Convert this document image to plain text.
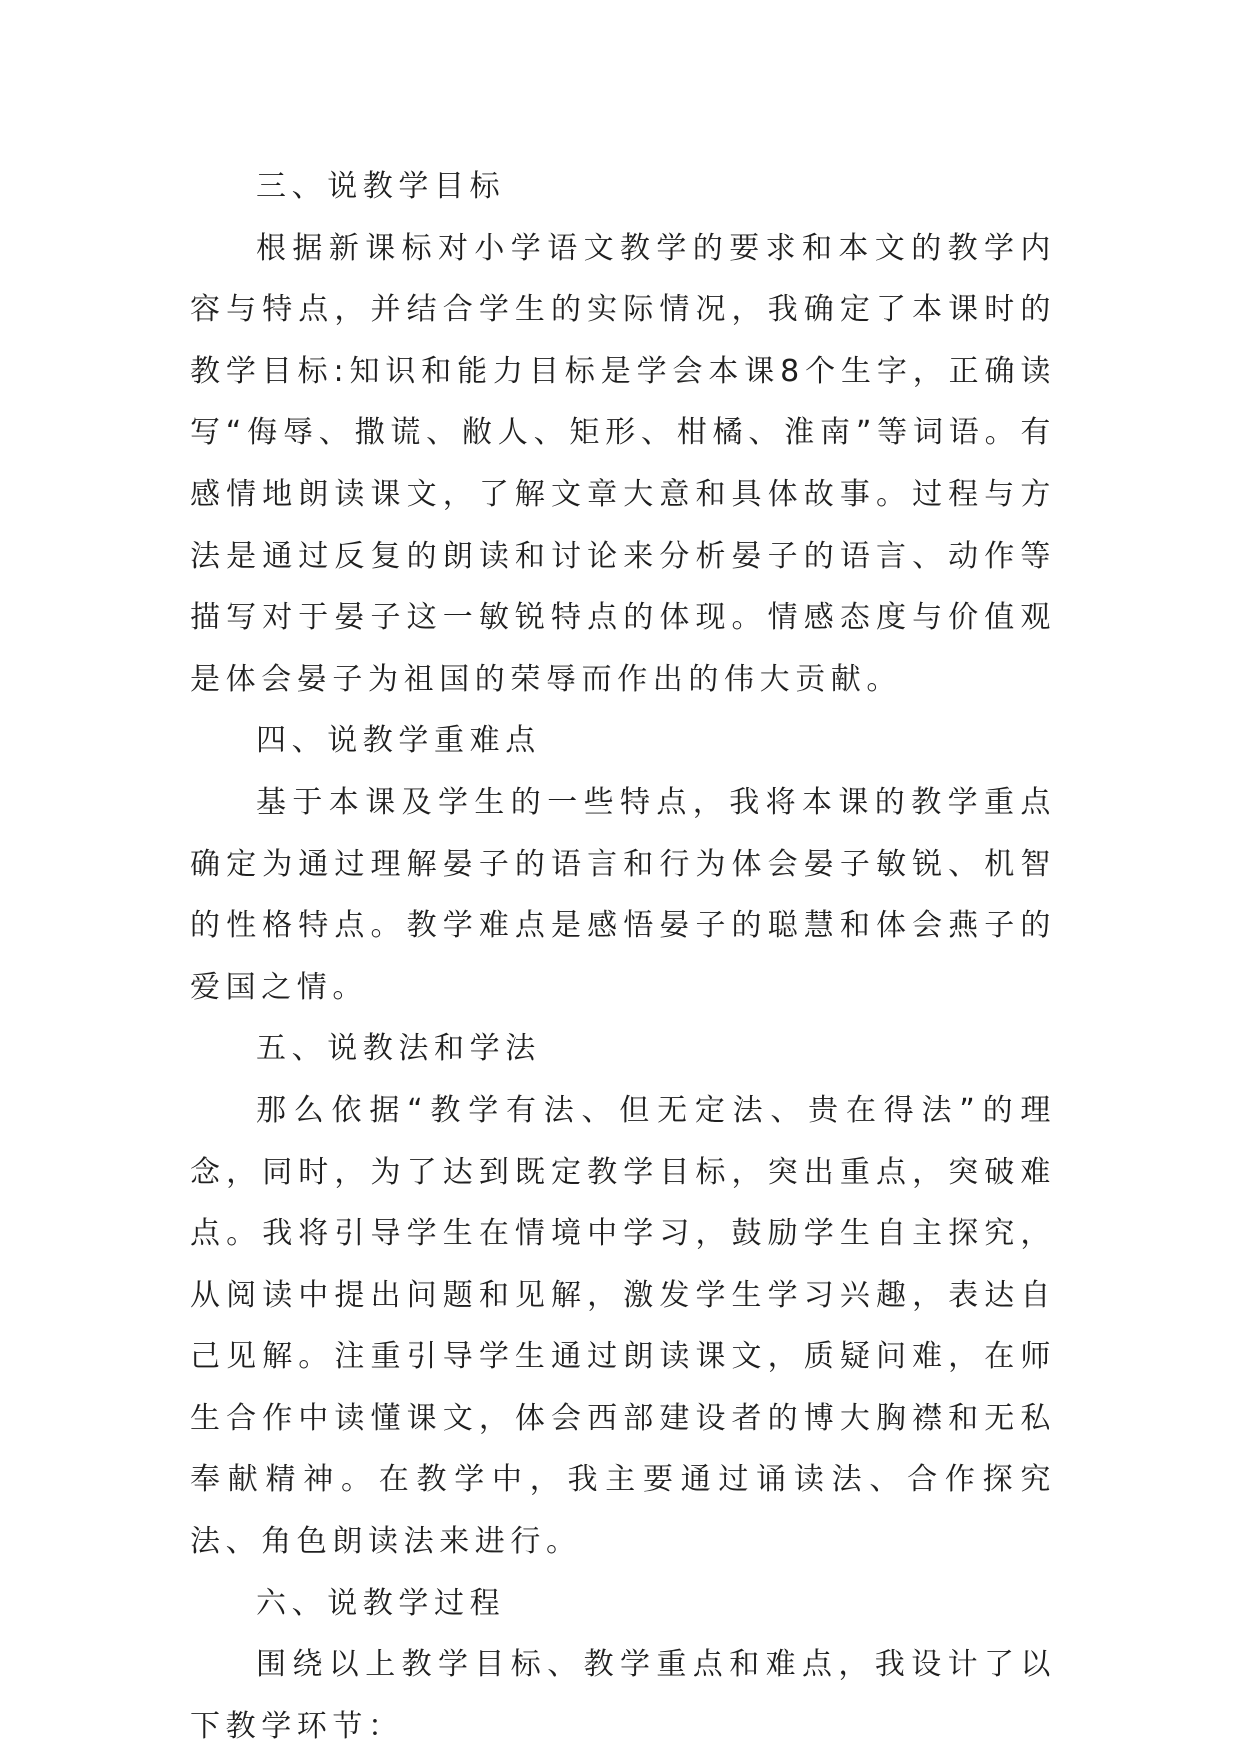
三、说教学目标
根据新课标对小学语文教学的要求和本文的教学内容与特点，并结合学生的实际情况，我确定了本课时的教学目标:知识和能力目标是学会本课8个生字，正确读写“侮辱、撒谎、敝人、矩形、柑橘、淮南”等词语。有感情地朗读课文，了解文章大意和具体故事。过程与方法是通过反复的朗读和讨论来分析晏子的语言、动作等描写对于晏子这一敏锐特点的体现。情感态度与价值观是体会晏子为祖国的荣辱而作出的伟大贡献。
四、说教学重难点
基于本课及学生的一些特点，我将本课的教学重点确定为通过理解晏子的语言和行为体会晏子敏锐、机智的性格特点。教学难点是感悟晏子的聪慧和体会燕子的爱国之情。
五、说教法和学法
那么依据“教学有法、但无定法、贵在得法”的理念，同时，为了达到既定教学目标，突出重点，突破难点。我将引导学生在情境中学习，鼓励学生自主探究，从阅读中提出问题和见解，激发学生学习兴趣，表达自己见解。注重引导学生通过朗读课文，质疑问难，在师生合作中读懂课文，体会西部建设者的博大胸襟和无私奉献精神。在教学中，我主要通过诵读法、合作探究法、角色朗读法来进行。
六、说教学过程
围绕以上教学目标、教学重点和难点，我设计了以下教学环节：
